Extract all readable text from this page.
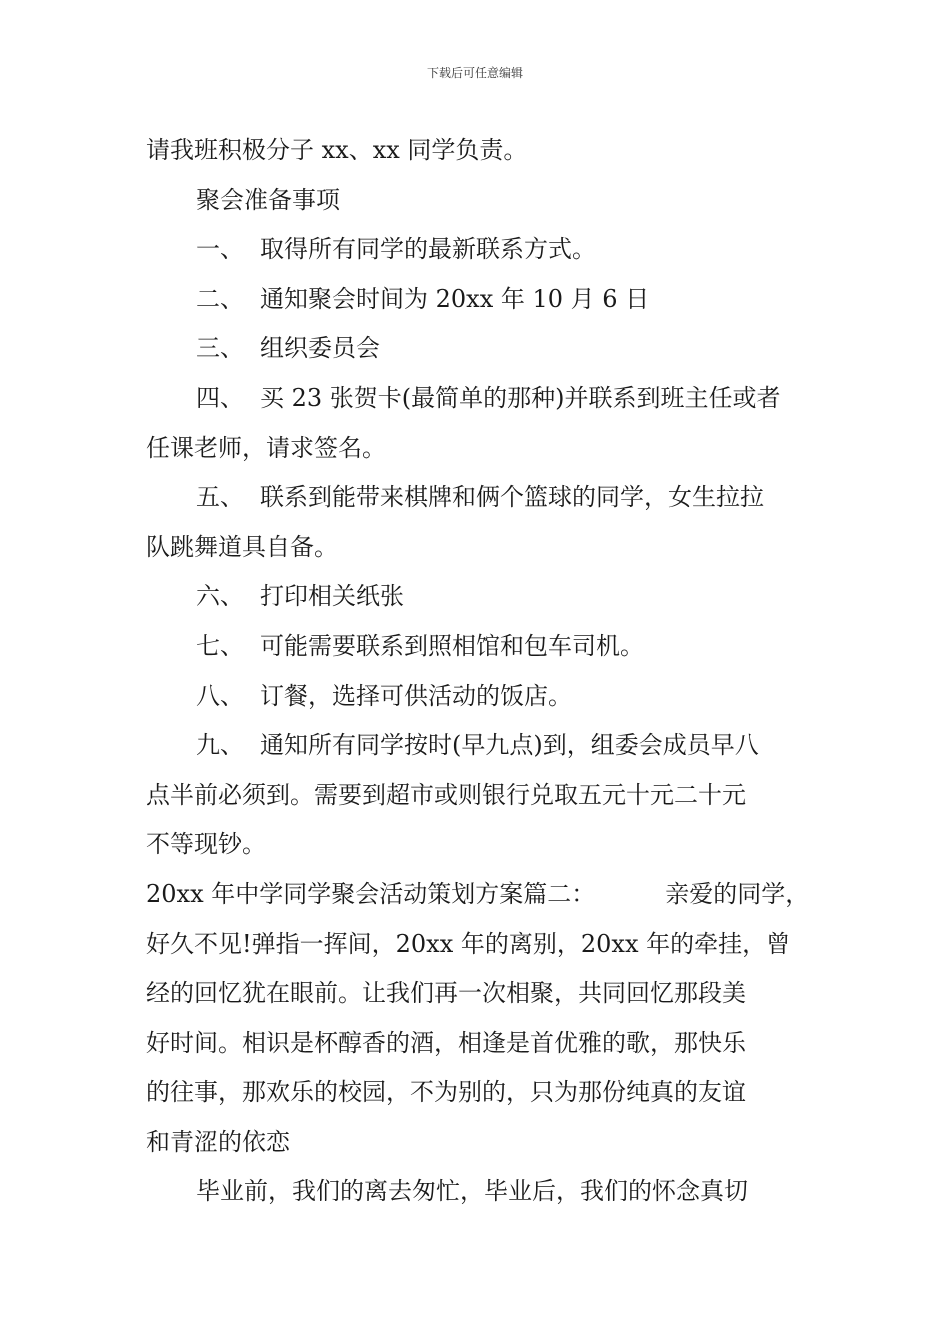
下载后可任意编辑
请我班积极分子 xx、xx 同学负责。
聚会准备事项
一、 取得所有同学的最新联系方式。
二、 通知聚会时间为 20xx 年 10 月 6 日
三、 组织委员会
四、 买 23 张贺卡(最简单的那种)并联系到班主任或者
任课老师，请求签名。
五、 联系到能带来棋牌和俩个篮球的同学，女生拉拉
队跳舞道具自备。
六、 打印相关纸张
七、 可能需要联系到照相馆和包车司机。
八、 订餐，选择可供活动的饭店。
九、 通知所有同学按时(早九点)到，组委会成员早八
点半前必须到。需要到超市或则银行兑取五元十元二十元
不等现钞。
20xx 年中学同学聚会活动策划方案篇二：	亲爱的同学，
好久不见!弹指一挥间，20xx 年的离别，20xx 年的牵挂，曾
经的回忆犹在眼前。让我们再一次相聚，共同回忆那段美
好时间。相识是杯醇香的酒，相逢是首优雅的歌，那快乐
的往事，那欢乐的校园，不为别的，只为那份纯真的友谊
和青涩的依恋
毕业前，我们的离去匆忙，毕业后，我们的怀念真切
